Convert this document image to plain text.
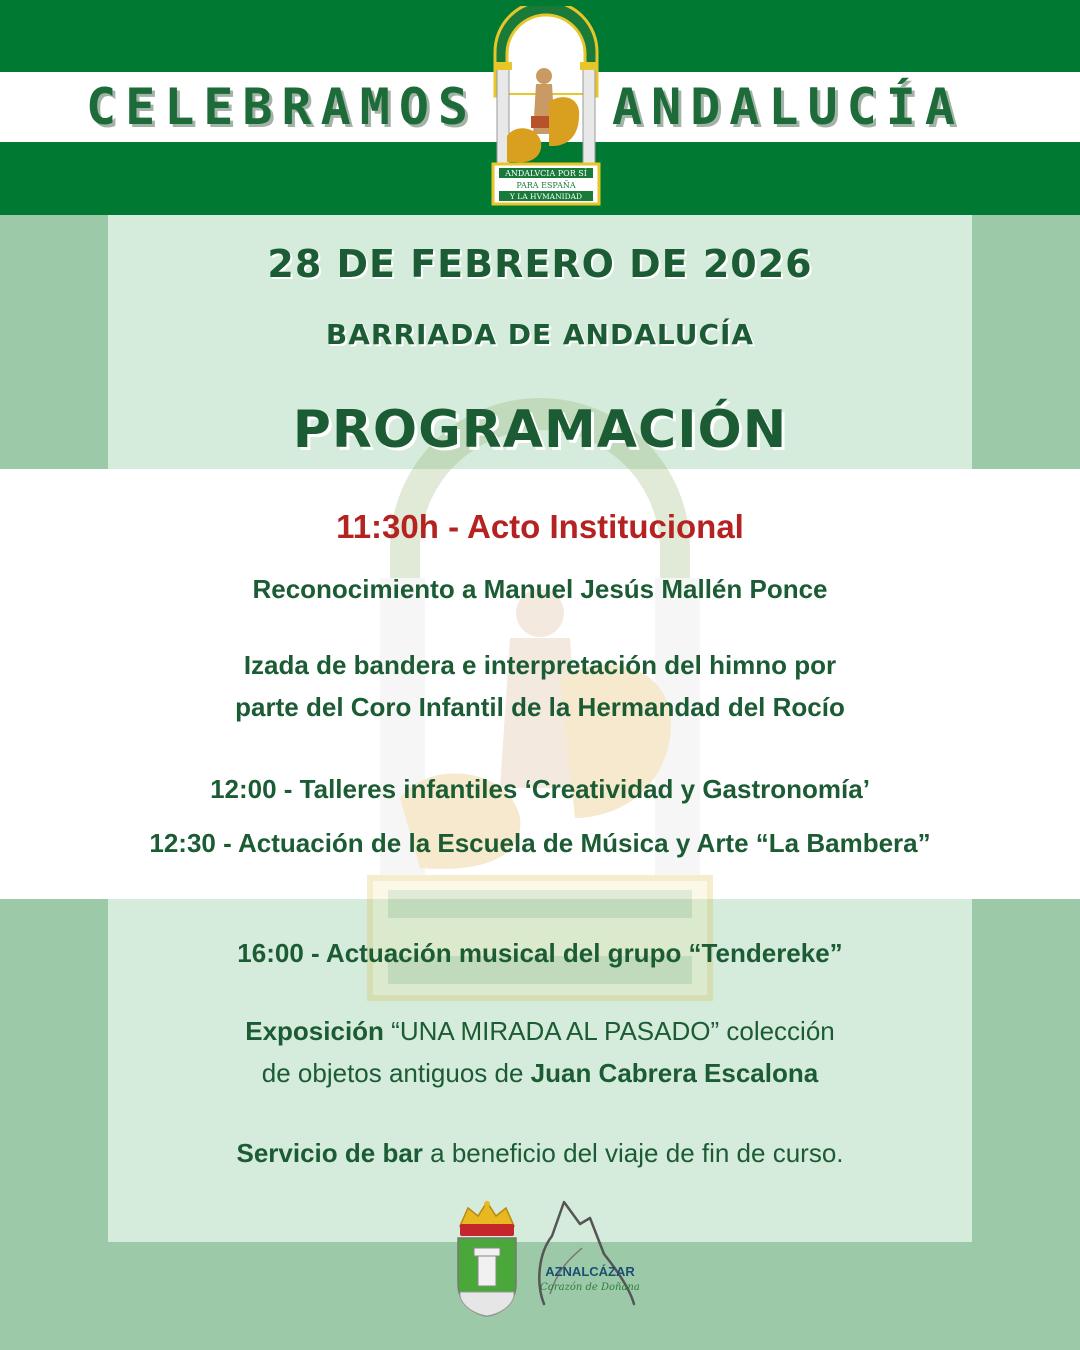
CELEBRAMOS	ANDALUCÍA
ANDALVCIA POR SÍ
PARA ESPAÑA
Y LA HVMANIDAD
28 DE FEBRERO DE 2026
BARRIADA DE ANDALUCÍA
PROGRAMACIÓN
11:30h - Acto Institucional
Reconocimiento a Manuel Jesús Mallén Ponce
Izada de bandera e interpretación del himno por
parte del Coro Infantil de la Hermandad del Rocío
12:00 - Talleres infantiles ‘Creatividad y Gastronomía’
12:30 - Actuación de la Escuela de Música y Arte “La Bambera”
16:00 - Actuación musical del grupo “Tendereke”
Exposición “UNA MIRADA AL PASADO” colección
de objetos antiguos de Juan Cabrera Escalona
Servicio de bar a beneficio del viaje de fin de curso.
AZNALCÁZAR
Corazón de Doñana
